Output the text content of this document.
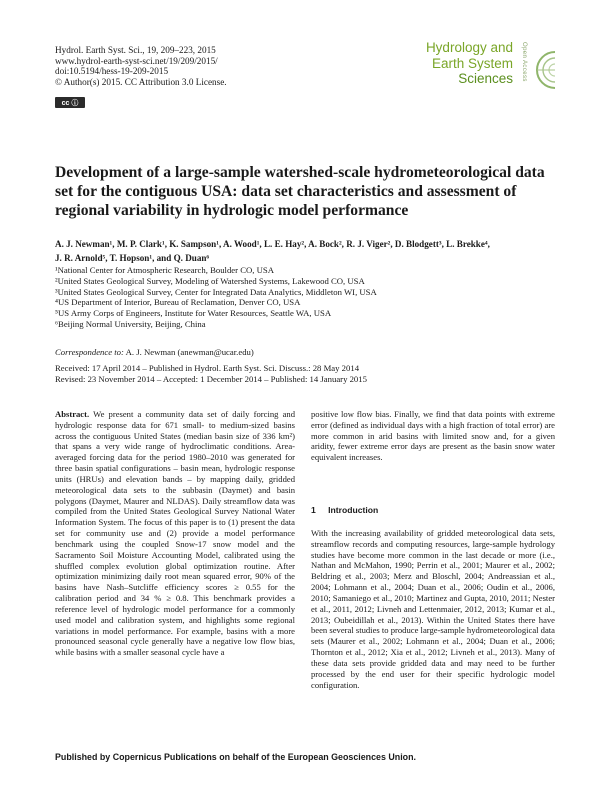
Hydrol. Earth Syst. Sci., 19, 209–223, 2015
www.hydrol-earth-syst-sci.net/19/209/2015/
doi:10.5194/hess-19-209-2015
© Author(s) 2015. CC Attribution 3.0 License.
cc ⓘ
Hydrology and
Earth System
Sciences Open Access
Development of a large-sample watershed-scale hydrometeorological data set for the contiguous USA: data set characteristics and assessment of regional variability in hydrologic model performance
A. J. Newman¹, M. P. Clark¹, K. Sampson¹, A. Wood¹, L. E. Hay², A. Bock², R. J. Viger², D. Blodgett³, L. Brekke⁴,
J. R. Arnold⁵, T. Hopson¹, and Q. Duan⁶
¹National Center for Atmospheric Research, Boulder CO, USA
²United States Geological Survey, Modeling of Watershed Systems, Lakewood CO, USA
³United States Geological Survey, Center for Integrated Data Analytics, Middleton WI, USA
⁴US Department of Interior, Bureau of Reclamation, Denver CO, USA
⁵US Army Corps of Engineers, Institute for Water Resources, Seattle WA, USA
⁶Beijing Normal University, Beijing, China
Correspondence to: A. J. Newman (anewman@ucar.edu)
Received: 17 April 2014 – Published in Hydrol. Earth Syst. Sci. Discuss.: 28 May 2014
Revised: 23 November 2014 – Accepted: 1 December 2014 – Published: 14 January 2015

Abstract. We present a community data set of daily forcing and hydrologic response data for 671 small- to medium-sized basins across the contiguous United States (median basin size of 336 km²) that spans a very wide range of hydroclimatic conditions. Area-averaged forcing data for the period 1980–2010 was generated for three basin spatial configurations – basin mean, hydrologic response units (HRUs) and elevation bands – by mapping daily, gridded meteorological data sets to the subbasin (Daymet) and basin polygons (Daymet, Maurer and NLDAS). Daily streamflow data was compiled from the United States Geological Survey National Water Information System. The focus of this paper is to (1) present the data set for community use and (2) provide a model performance benchmark using the coupled Snow-17 snow model and the Sacramento Soil Moisture Accounting Model, calibrated using the shuffled complex evolution global optimization routine. After optimization minimizing daily root mean squared error, 90% of the basins have Nash–Sutcliffe efficiency scores ≥ 0.55 for the calibration period and 34 % ≥ 0.8. This benchmark provides a reference level of hydrologic model performance for a commonly used model and calibration system, and highlights some regional variations in model performance. For example, basins with a more pronounced seasonal cycle generally have a negative low flow bias, while basins with a smaller seasonal cycle have a

positive low flow bias. Finally, we find that data points with extreme error (defined as individual days with a high fraction of total error) are more common in arid basins with limited snow and, for a given aridity, fewer extreme error days are present as the basin snow water equivalent increases.

1 Introduction

With the increasing availability of gridded meteorological data sets, streamflow records and computing resources, large-sample hydrology studies have become more common in the last decade or more (i.e., Nathan and McMahon, 1990; Perrin et al., 2001; Maurer et al., 2002; Beldring et al., 2003; Merz and Bloschl, 2004; Andreassian et al., 2004; Lohmann et al., 2004; Duan et al., 2006; Oudin et al., 2006, 2010; Samaniego et al., 2010; Martinez and Gupta, 2010, 2011; Nester et al., 2011, 2012; Livneh and Lettenmaier, 2012, 2013; Kumar et al., 2013; Oubeidillah et al., 2013). Within the United States there have been several studies to produce large-sample hydrometeorological data sets (Maurer et al., 2002; Lohmann et al., 2004; Duan et al., 2006; Thornton et al., 2012; Xia et al., 2012; Livneh et al., 2013). Many of these data sets provide gridded data and may need to be further processed by the end user for their specific hydrologic model configuration.

Published by Copernicus Publications on behalf of the European Geosciences Union.
